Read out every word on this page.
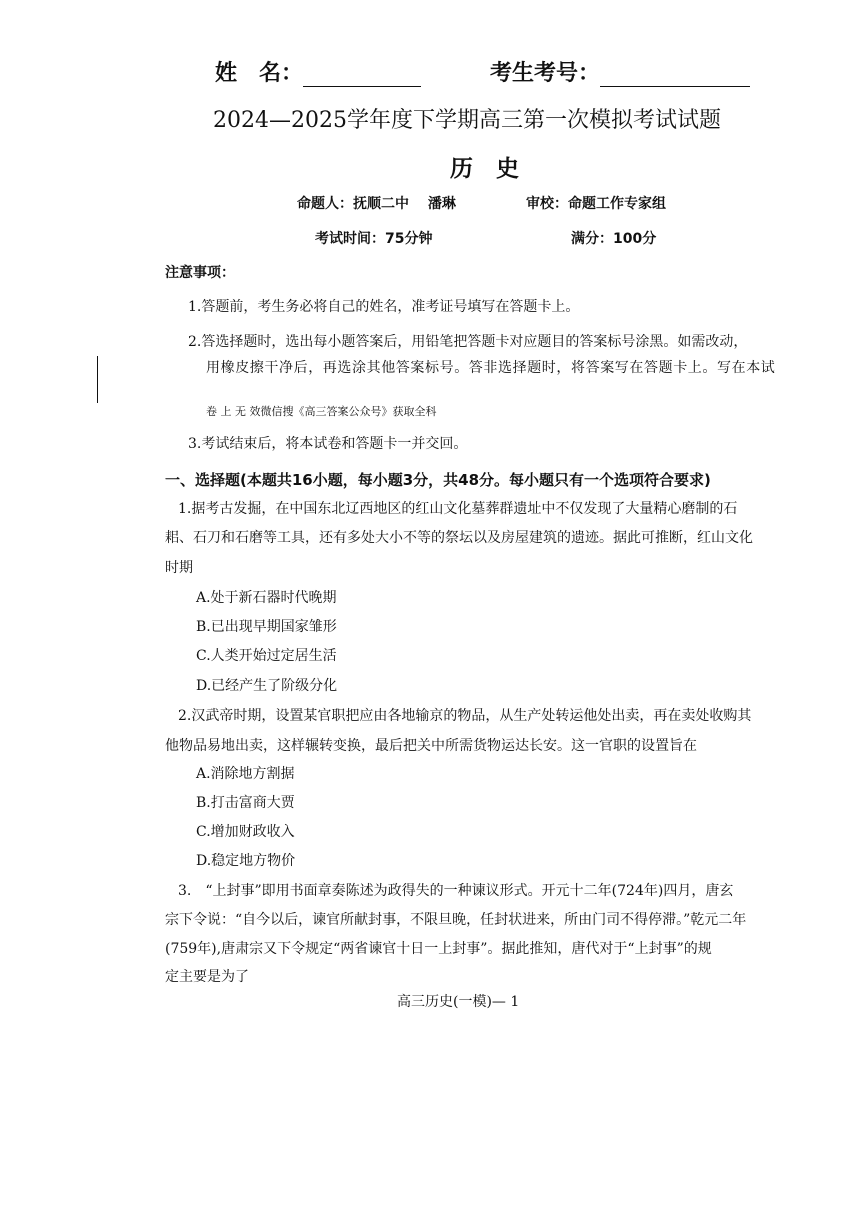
姓　名：	考生考号：
2024—2025学年度下学期高三第一次模拟考试试题
历　史
命题人：抚顺二中　 潘琳	审校：命题工作专家组
考试时间：75分钟	满分：100分
注意事项：
1.答题前，考生务必将自己的姓名，准考证号填写在答题卡上。
2.答选择题时，选出每小题答案后，用铅笔把答题卡对应题目的答案标号涂黑。如需改动，
用橡皮擦干净后，再选涂其他答案标号。答非选择题时，将答案写在答题卡上。写在本试
卷 上 无 效微信搜《高三答案公众号》获取全科
3.考试结束后，将本试卷和答题卡一并交回。
一、选择题(本题共16小题，每小题3分，共48分。每小题只有一个选项符合要求)
1.据考古发掘，在中国东北辽西地区的红山文化墓葬群遗址中不仅发现了大量精心磨制的石
耜、石刀和石磨等工具，还有多处大小不等的祭坛以及房屋建筑的遗迹。据此可推断，红山文化
时期
A.处于新石器时代晚期
B.已出现早期国家雏形
C.人类开始过定居生活
D.已经产生了阶级分化
2.汉武帝时期，设置某官职把应由各地输京的物品，从生产处转运他处出卖，再在卖处收购其
他物品易地出卖，这样辗转变换，最后把关中所需货物运达长安。这一官职的设置旨在
A.消除地方割据
B.打击富商大贾
C.增加财政收入
D.稳定地方物价
3.　“上封事”即用书面章奏陈述为政得失的一种谏议形式。开元十二年(724年)四月，唐玄
宗下令说：“自今以后，谏官所献封事，不限旦晚，任封状进来，所由门司不得停滞。”乾元二年
(759年),唐肃宗又下令规定“两省谏官十日一上封事”。据此推知，唐代对于“上封事”的规
定主要是为了
高三历史(一模)— 1
